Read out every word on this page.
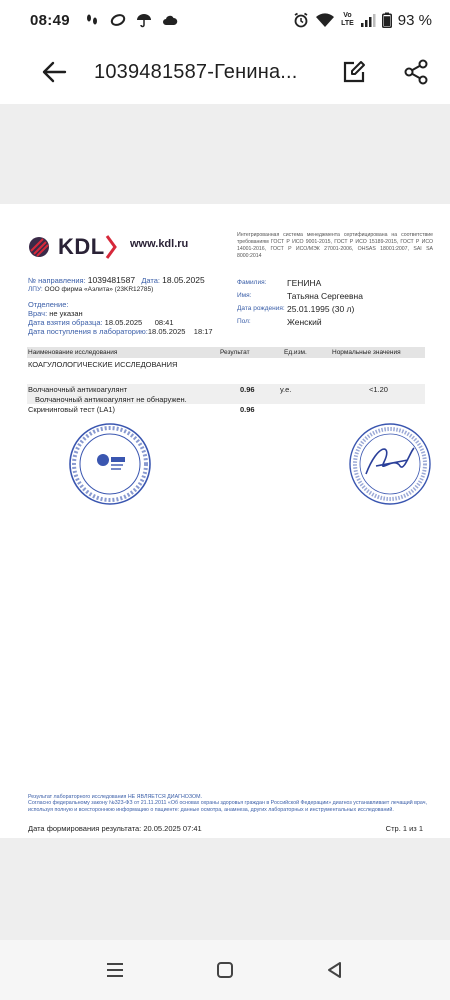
08:49	Vo
LTE	93 %
1039481587-Генина...
KDL www.kdl.ru
Интегрированная система менеджмента сертифицирована на соответствие требованиям ГОСТ Р ИСО 9001-2015, ГОСТ Р ИСО 15189-2015, ГОСТ Р ИСО 14001-2016, ГОСТ Р ИСО/МЭК 27001-2006, OHSAS 18001:2007, SAI SA 8000:2014
№ направления: 1039481587 Дата: 18.05.2025
ЛПУ: ООО фирма «Аэлита» (23KR12785)
Отделение:
Врач: не указан
Дата взятия образца: 18.05.2025 08:41
Дата поступления в лабораторию:18.05.2025 18:17
Фамилия:	ГЕНИНА
Имя:	Татьяна Сергеевна
Дата рождения: 25.01.1995 (30 л)
Пол:	Женский
Наименование исследования	Результат	Ед.изм.	Нормальные значения
КОАГУЛОЛОГИЧЕСКИЕ ИССЛЕДОВАНИЯ
Волчаночный антикоагулянт	0.96	у.е.	<1.20
Волчаночный антикоагулянт не обнаружен.
Скрининговый тест (LA1)	0.96
Результат лабораторного исследования НЕ ЯВЛЯЕТСЯ ДИАГНОЗОМ.
Согласно федеральному закону №323-ФЗ от 21.11.2011 «Об основах охраны здоровья граждан в Российской Федерации» диагноз устанавливает лечащий врач, используя полную и всестороннюю информацию о пациенте: данные осмотра, анамнеза, других лабораторных и инструментальных исследований.
Дата формирования результата: 20.05.2025 07:41	Стр. 1 из 1
